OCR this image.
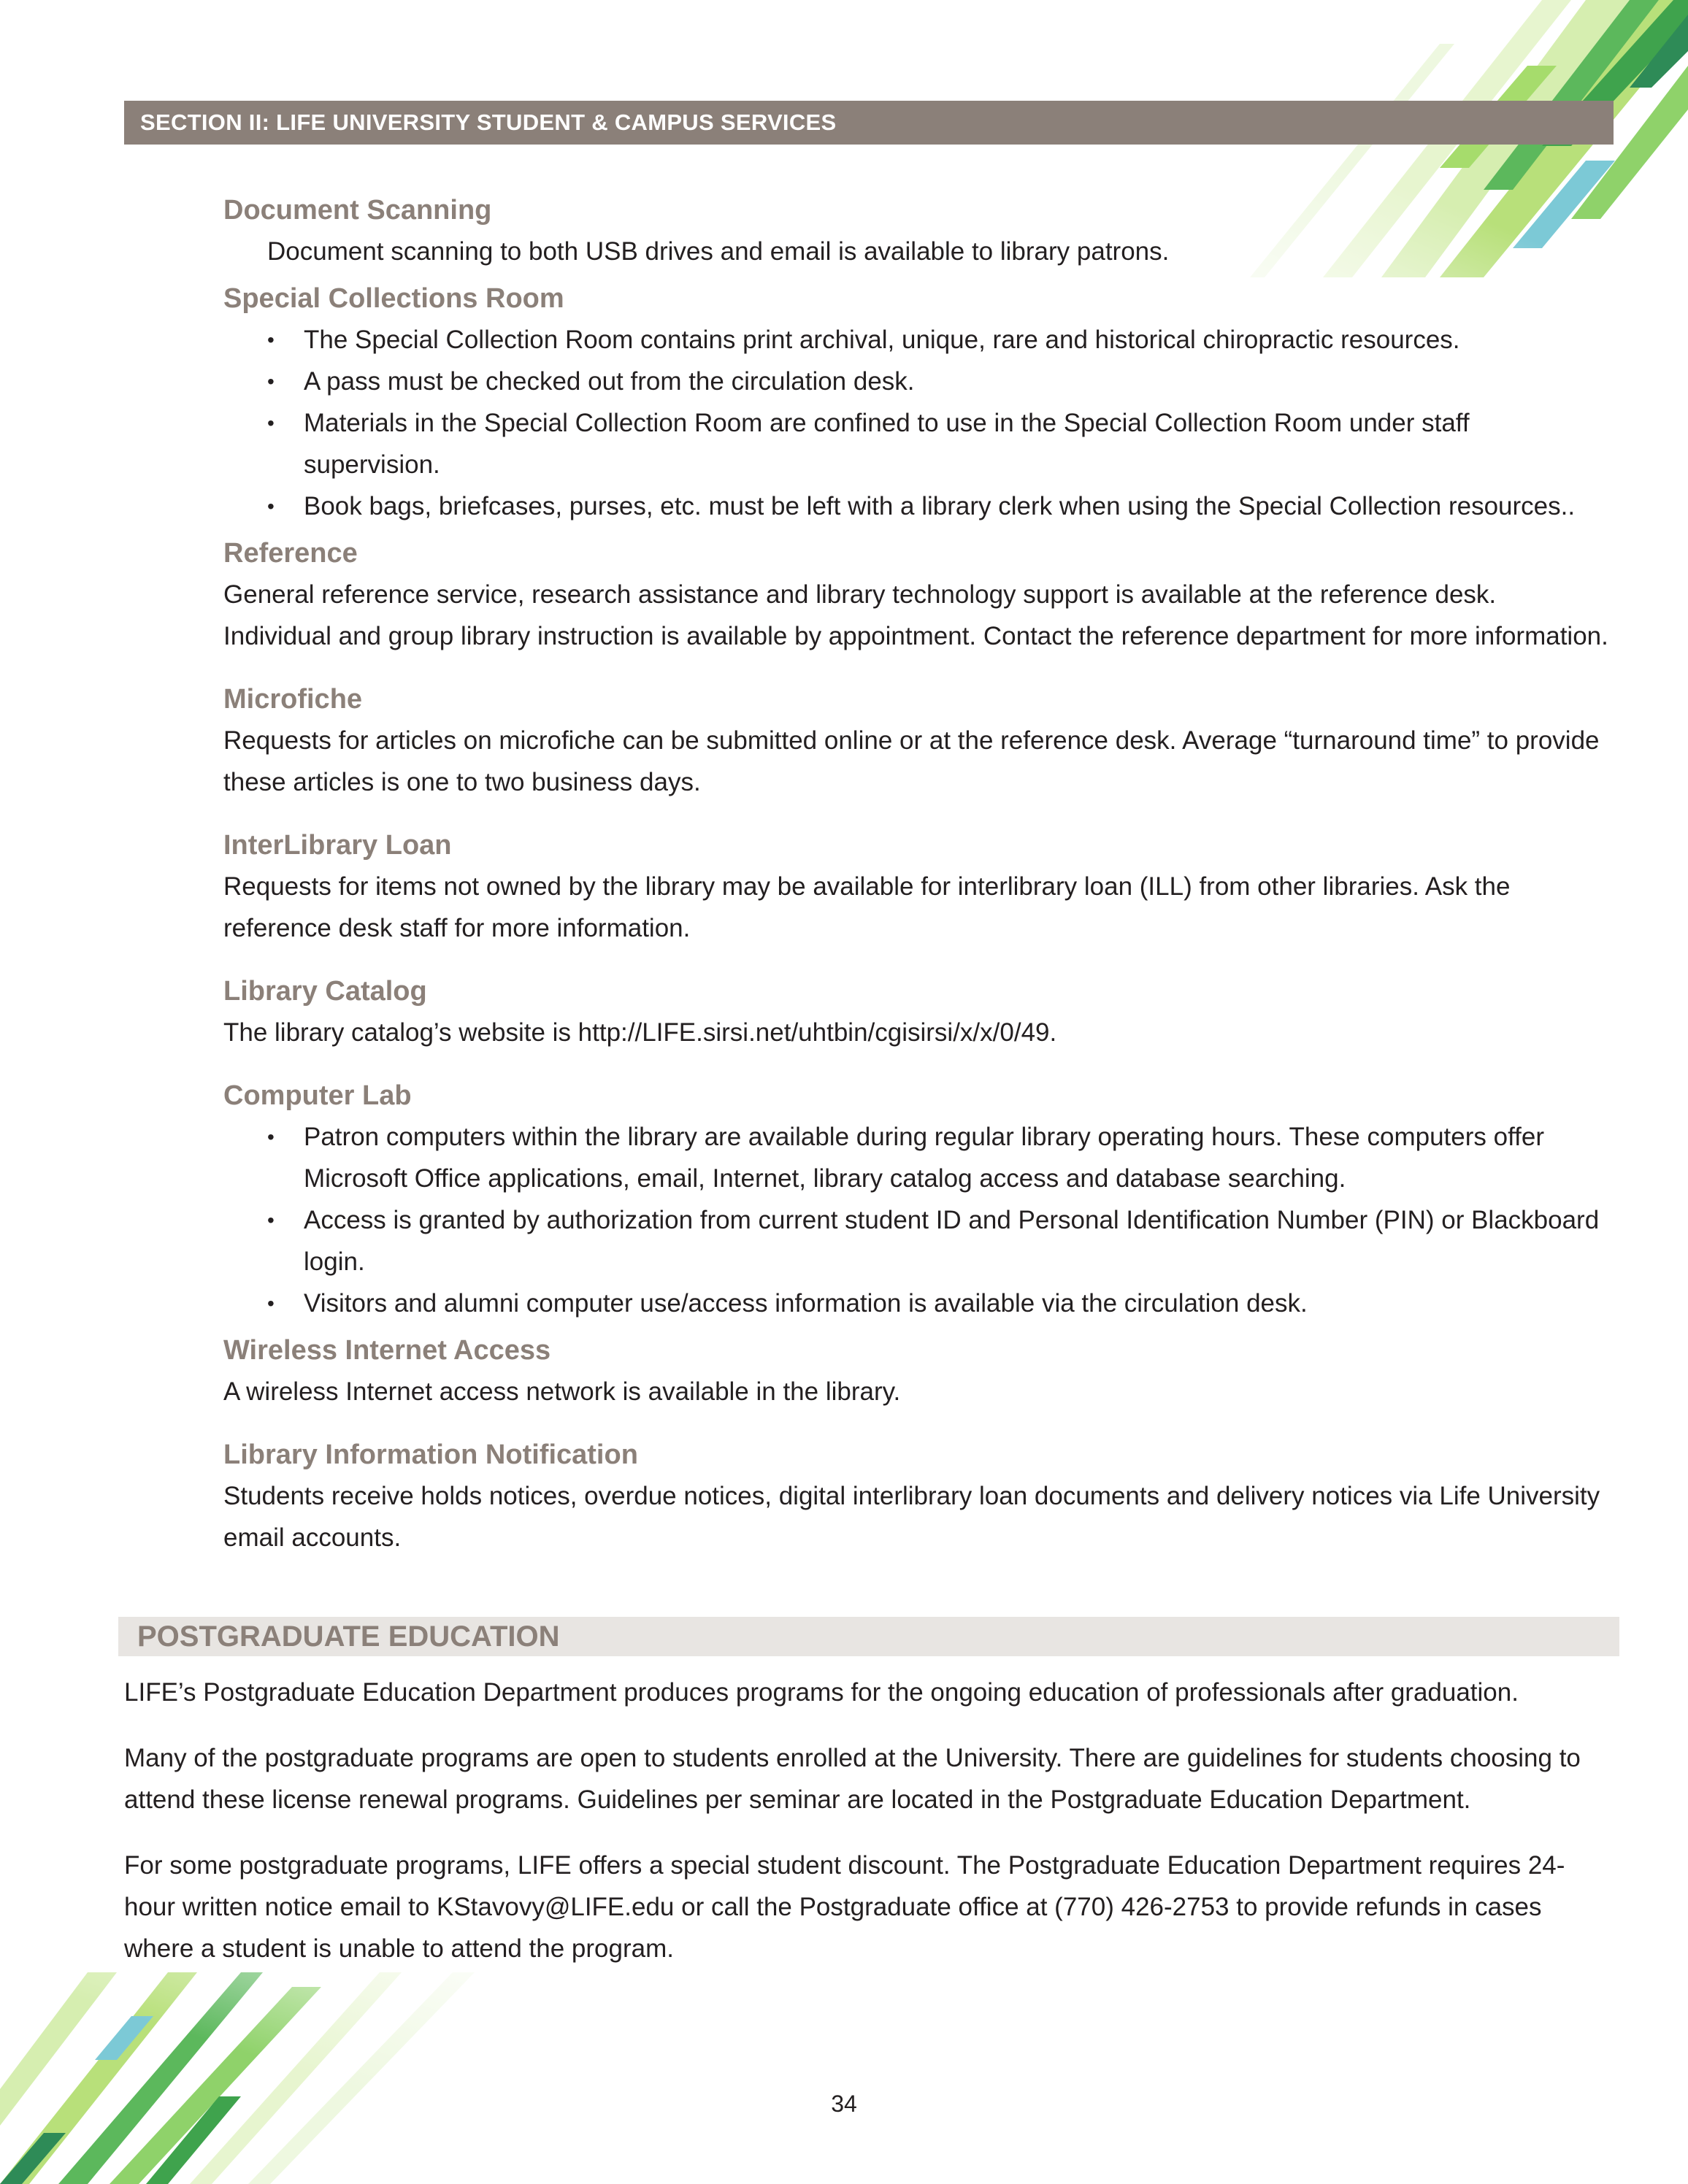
SECTION II: LIFE UNIVERSITY STUDENT & CAMPUS SERVICES
Document Scanning

Document scanning to both USB drives and email is available to library patrons.

Special Collections Room
• The Special Collection Room contains print archival, unique, rare and historical chiropractic resources.
• A pass must be checked out from the circulation desk.
• Materials in the Special Collection Room are confined to use in the Special Collection Room under staff supervision.
• Book bags, briefcases, purses, etc. must be left with a library clerk when using the Special Collection resources..
Reference

General reference service, research assistance and library technology support is available at the reference desk. Individual and group library instruction is available by appointment. Contact the reference department for more information.

Microfiche

Requests for articles on microfiche can be submitted online or at the reference desk. Average “turnaround time” to provide these articles is one to two business days.

InterLibrary Loan

Requests for items not owned by the library may be available for interlibrary loan (ILL) from other libraries. Ask the reference desk staff for more information.

Library Catalog

The library catalog’s website is http://LIFE.sirsi.net/uhtbin/cgisirsi/x/x/0/49.

Computer Lab
• Patron computers within the library are available during regular library operating hours. These computers offer Microsoft Office applications, email, Internet, library catalog access and database searching.
• Access is granted by authorization from current student ID and Personal Identification Number (PIN) or Blackboard login.
• Visitors and alumni computer use/access information is available via the circulation desk.
Wireless Internet Access

A wireless Internet access network is available in the library.

Library Information Notification

Students receive holds notices, overdue notices, digital interlibrary loan documents and delivery notices via Life University email accounts.

POSTGRADUATE EDUCATION

LIFE’s Postgraduate Education Department produces programs for the ongoing education of professionals after graduation.

Many of the postgraduate programs are open to students enrolled at the University. There are guidelines for students choosing to attend these license renewal programs. Guidelines per seminar are located in the Postgraduate Education Department.

For some postgraduate programs, LIFE offers a special student discount. The Postgraduate Education Department requires 24-hour written notice email to KStavovy@LIFE.edu or call the Postgraduate office at (770) 426-2753 to provide refunds in cases where a student is unable to attend the program.

34
